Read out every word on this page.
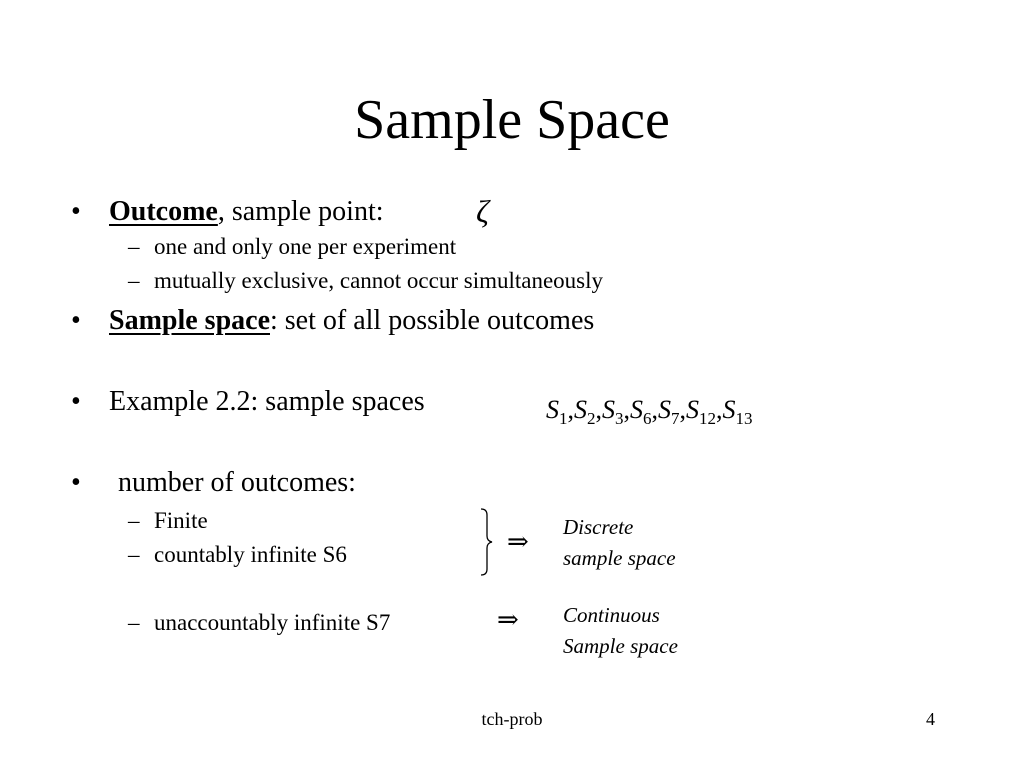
Sample Space
• Outcome, sample point:	ζ
– one and only one per experiment
– mutually exclusive, cannot occur simultaneously
• Sample space: set of all possible outcomes
• Example 2.2: sample spaces	$S_1,S_2,S_3,S_6,S_7,S_{12},S_{13}$
• number of outcomes:
– Finite
– countably infinite S6
– unaccountably infinite S7
⇒ Discrete
sample space
⇒ Continuous
Sample space
tch-prob	4
